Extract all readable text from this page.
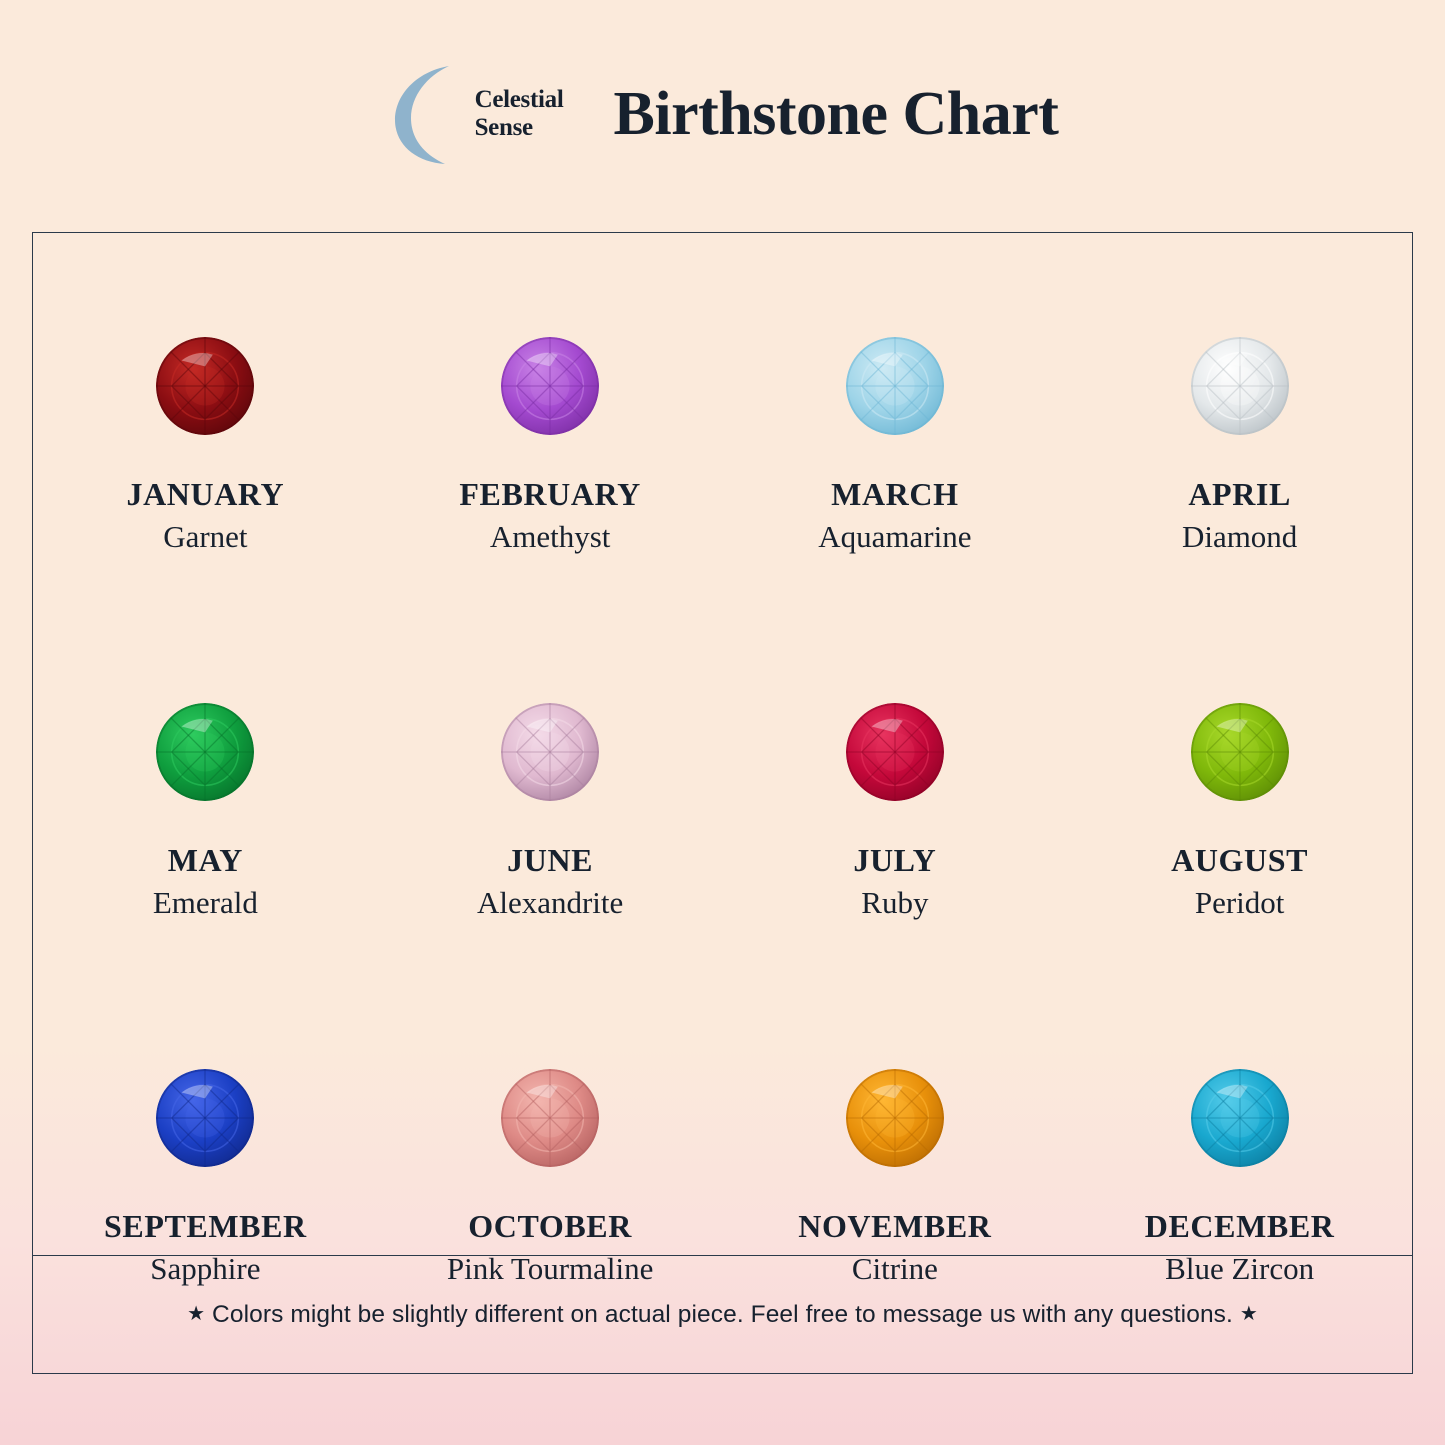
Celestial
Sense	Birthstone Chart
JANUARY
Garnet
FEBRUARY
Amethyst
MARCH
Aquamarine
APRIL
Diamond
MAY
Emerald
JUNE
Alexandrite
JULY
Ruby
AUGUST
Peridot
SEPTEMBER
Sapphire
OCTOBER
Pink Tourmaline
NOVEMBER
Citrine
DECEMBER
Blue Zircon
★ Colors might be slightly different on actual piece. Feel free to message us with any questions. ★
